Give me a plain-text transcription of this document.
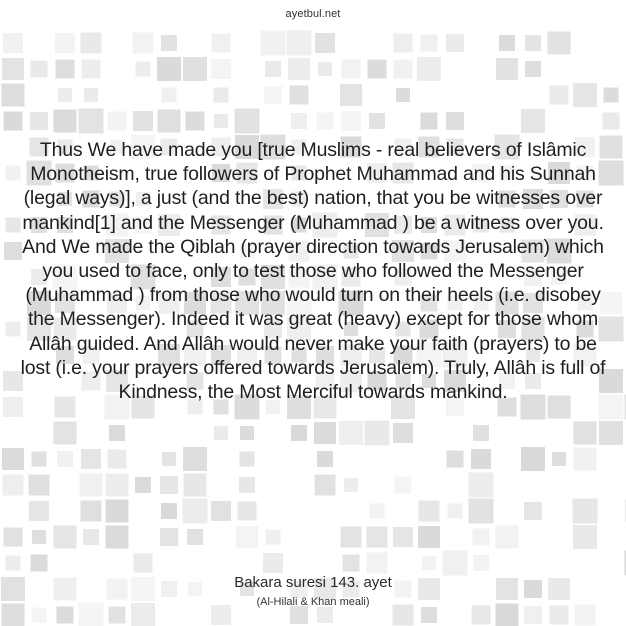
ayetbul.net
Thus We have made you [true Muslims - real believers of Islâmic Monotheism, true followers of Prophet Muhammad and his Sunnah (legal ways)], a just (and the best) nation, that you be witnesses over mankind[1] and the Messenger (Muhammad ) be a witness over you. And We made the Qiblah (prayer direction towards Jerusalem) which you used to face, only to test those who followed the Messenger (Muhammad ) from those who would turn on their heels (i.e. disobey the Messenger). Indeed it was great (heavy) except for those whom Allâh guided. And Allâh would never make your faith (prayers) to be lost (i.e. your prayers offered towards Jerusalem). Truly, Allâh is full of Kindness, the Most Merciful towards mankind.
Bakara suresi 143. ayet
(Al-Hilali & Khan meali)
